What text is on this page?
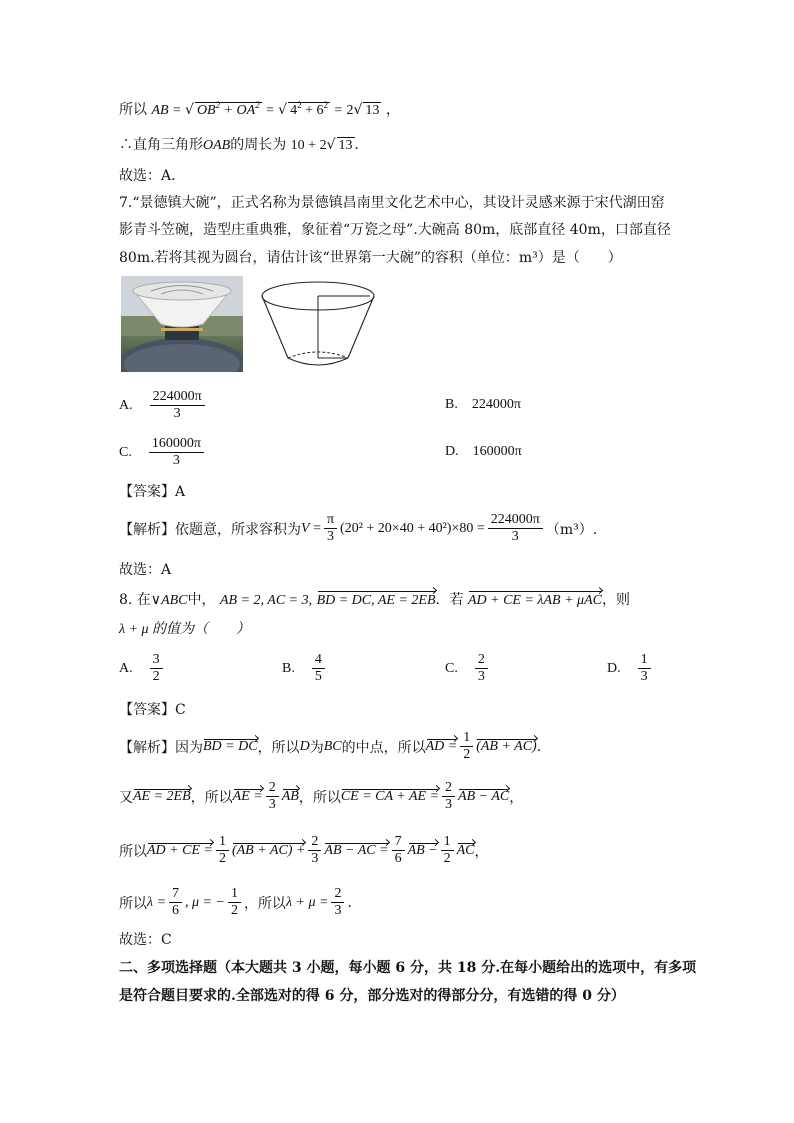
所以 AB = √ $OB^2 + OA^2$ = √ $4^2 + 6^2 = 2√$ 13 ，
∴直角三角形OAB的周长为 10 + 2√ 13 ．
故选：A．
7.“景德镇大碗”，正式名称为景德镇昌南里文化艺术中心，其设计灵感来源于宋代湖田窑
影青斗笠碗，造型庄重典雅，象征着“万瓷之母”.大碗高 80m，底部直径 40m，口部直径
80m.若将其视为圆台，请估计该“世界第一大碗”的容积（单位：m³）是（　　）
A. $\frac{224000\pi}{3}$	B. 224000π
C. $\frac{160000\pi}{3}$	D. 160000π
【答案】A
【解析】依题意，所求容积为 $V = \frac{\pi}{3} (20^2 + 20\times 40 + 40^2)\times 80 = \frac{224000\pi}{3} (m^3)$.
故选：A
8. 在∨ABC中， AB = 2, AC = 3, BD = DC, AE = 2EB．若 AD + CE = λAB + μAC，则
λ + μ 的值为（　　）
A. $\frac{3}{2}$	B. $\frac{4}{5}$	C. $\frac{2}{3}$	D. $\frac{1}{3}$
【答案】C
【解析】因为 BD = DC ，所以 D 为 BC 的中点，所以 AD = $\frac{1}{2} (AB + AC)$ .
又 AE = 2EB ，所以 AE = $\frac{2}{3}$ AB ，所以 CE = CA + AE = $\frac{2}{3}$ AB − AC ，
所以 AD + CE = $\frac{1}{2} (AB + AC) + \frac{2}{3}$ AB − AC = $\frac{7}{6}$ AB − $\frac{1}{2}$ AC ，
所以 $\lambda = \frac{7}{6}$ , μ = − $\frac{1}{2}$ ，所以 $\lambda + \mu = \frac{2}{3}$ .
故选：C
二、多项选择题（本大题共 3 小题，每小题 6 分，共 18 分.在每小题给出的选项中，有多项
是符合题目要求的.全部选对的得 6 分，部分选对的得部分分，有选错的得 0 分）
